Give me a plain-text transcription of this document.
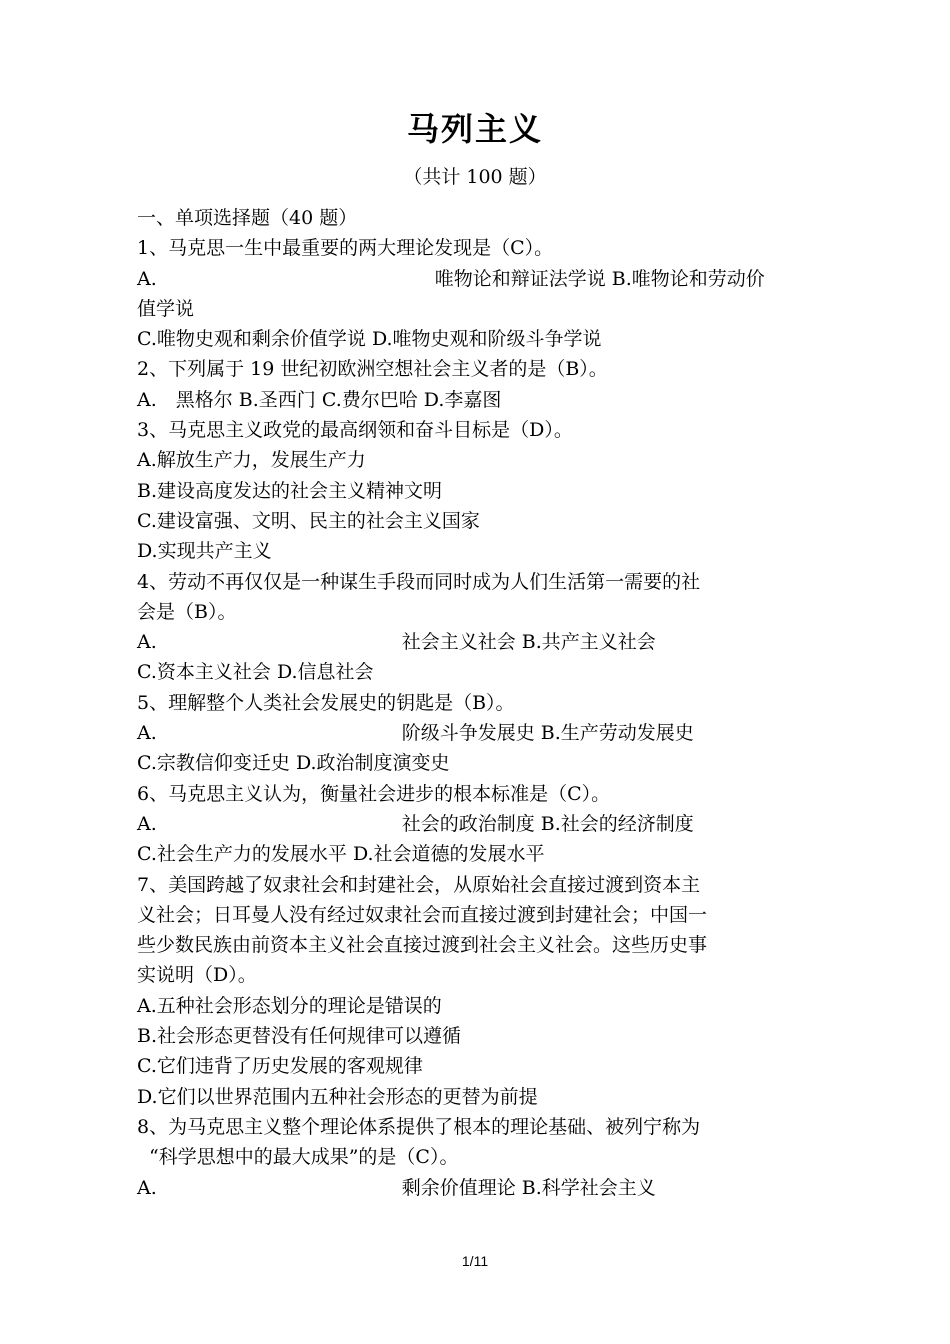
马列主义
（共计 100 题）
一、单项选择题（40 题）
1、马克思一生中最重要的两大理论发现是（C）。
A.	唯物论和辩证法学说 B.唯物论和劳动价
值学说
C.唯物史观和剩余价值学说 D.唯物史观和阶级斗争学说
2、下列属于 19 世纪初欧洲空想社会主义者的是（B）。
A.　黑格尔 B.圣西门 C.费尔巴哈 D.李嘉图
3、马克思主义政党的最高纲领和奋斗目标是（D）。
A.解放生产力，发展生产力
B.建设高度发达的社会主义精神文明
C.建设富强、文明、民主的社会主义国家
D.实现共产主义
4、劳动不再仅仅是一种谋生手段而同时成为人们生活第一需要的社
会是（B）。
A.	社会主义社会 B.共产主义社会
C.资本主义社会 D.信息社会
5、理解整个人类社会发展史的钥匙是（B）。
A.	阶级斗争发展史 B.生产劳动发展史
C.宗教信仰变迁史 D.政治制度演变史
6、马克思主义认为，衡量社会进步的根本标准是（C）。
A.	社会的政治制度 B.社会的经济制度
C.社会生产力的发展水平 D.社会道德的发展水平
7、美国跨越了奴隶社会和封建社会，从原始社会直接过渡到资本主
义社会；日耳曼人没有经过奴隶社会而直接过渡到封建社会；中国一
些少数民族由前资本主义社会直接过渡到社会主义社会。这些历史事
实说明（D）。
A.五种社会形态划分的理论是错误的
B.社会形态更替没有任何规律可以遵循
C.它们违背了历史发展的客观规律
D.它们以世界范围内五种社会形态的更替为前提
8、为马克思主义整个理论体系提供了根本的理论基础、被列宁称为
“科学思想中的最大成果”的是（C）。
A.	剩余价值理论 B.科学社会主义
1/11
